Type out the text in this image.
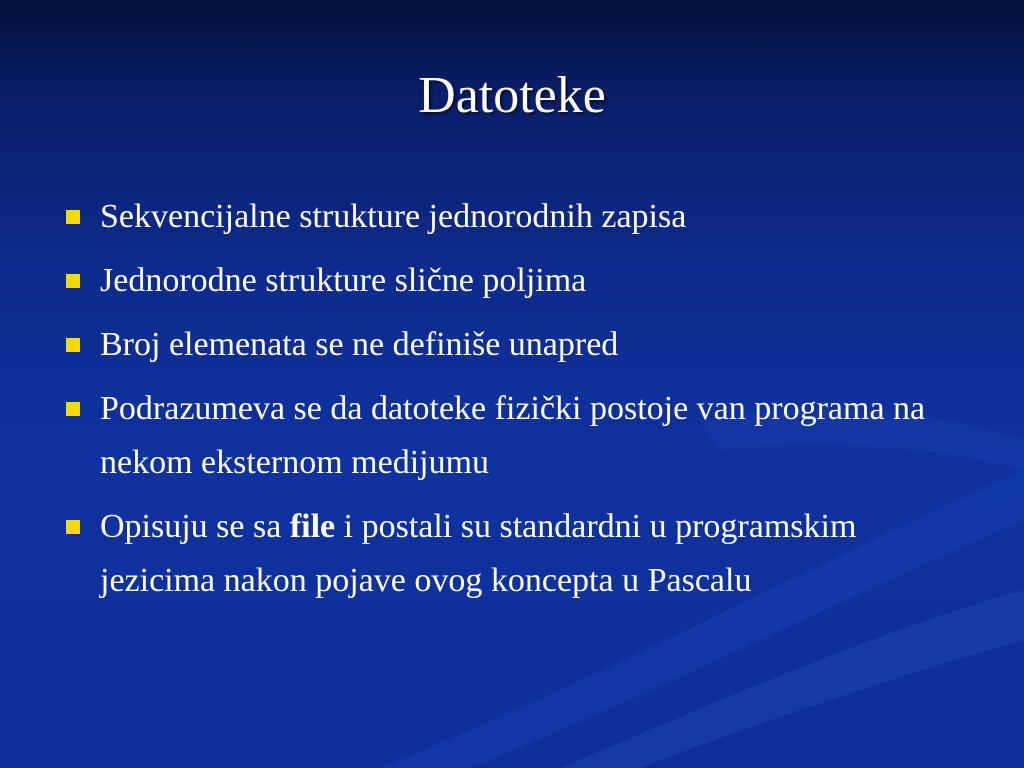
Datoteke
Sekvencijalne strukture jednorodnih zapisa
Jednorodne strukture slične poljima
Broj elemenata se ne definiše unapred
Podrazumeva se da datoteke fizički postoje van programa na nekom eksternom medijumu
Opisuju se sa file i postali su standardni u programskim jezicima nakon pojave ovog koncepta u Pascalu
